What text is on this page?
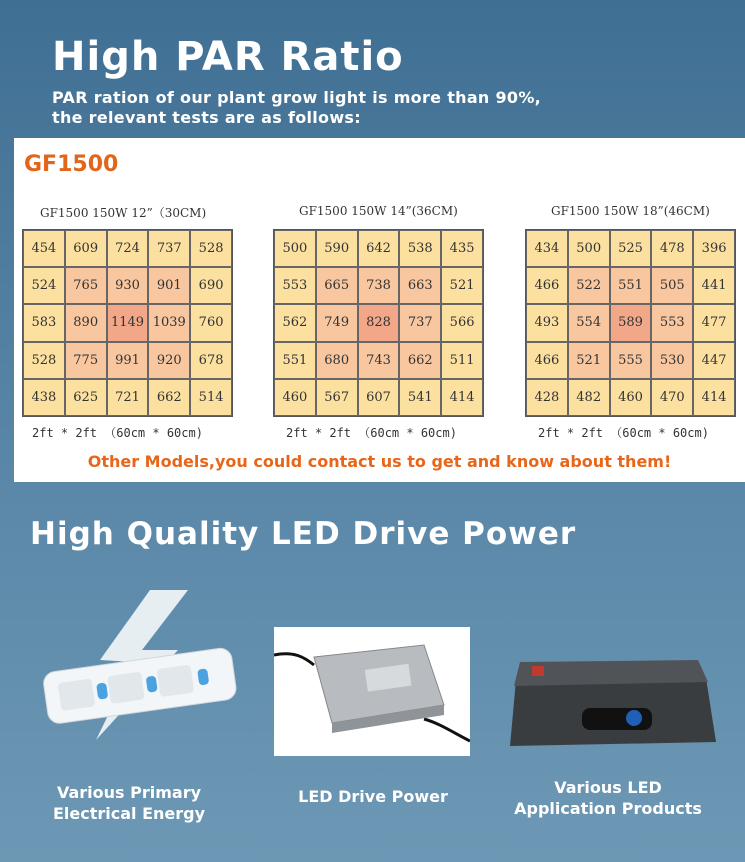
High PAR Ratio
PAR ration of our plant grow light is more than 90%,
the relevant tests are as follows:
GF1500
GF1500 150W 12”（30CM)
454	609	724	737	528
524	765	930	901	690
583	890 1149 1039 760
528	775	991	920	678
438	625	721	662	514
2ft * 2ft （60cm * 60cm)
GF1500 150W 14”(36CM)
500	590	642	538	435
553	665	738	663	521
562	749	828	737	566
551	680	743	662	511
460	567	607	541	414
2ft * 2ft （60cm * 60cm)
GF1500 150W 18”(46CM)
434	500	525	478	396
466	522	551	505	441
493	554	589	553	477
466	521	555	530	447
428	482	460	470	414
2ft * 2ft （60cm * 60cm)
Other Models,you could contact us to get and know about them!
High Quality LED Drive Power
Various Primary
Electrical Energy
LED Drive Power	Various LED
Application Products
